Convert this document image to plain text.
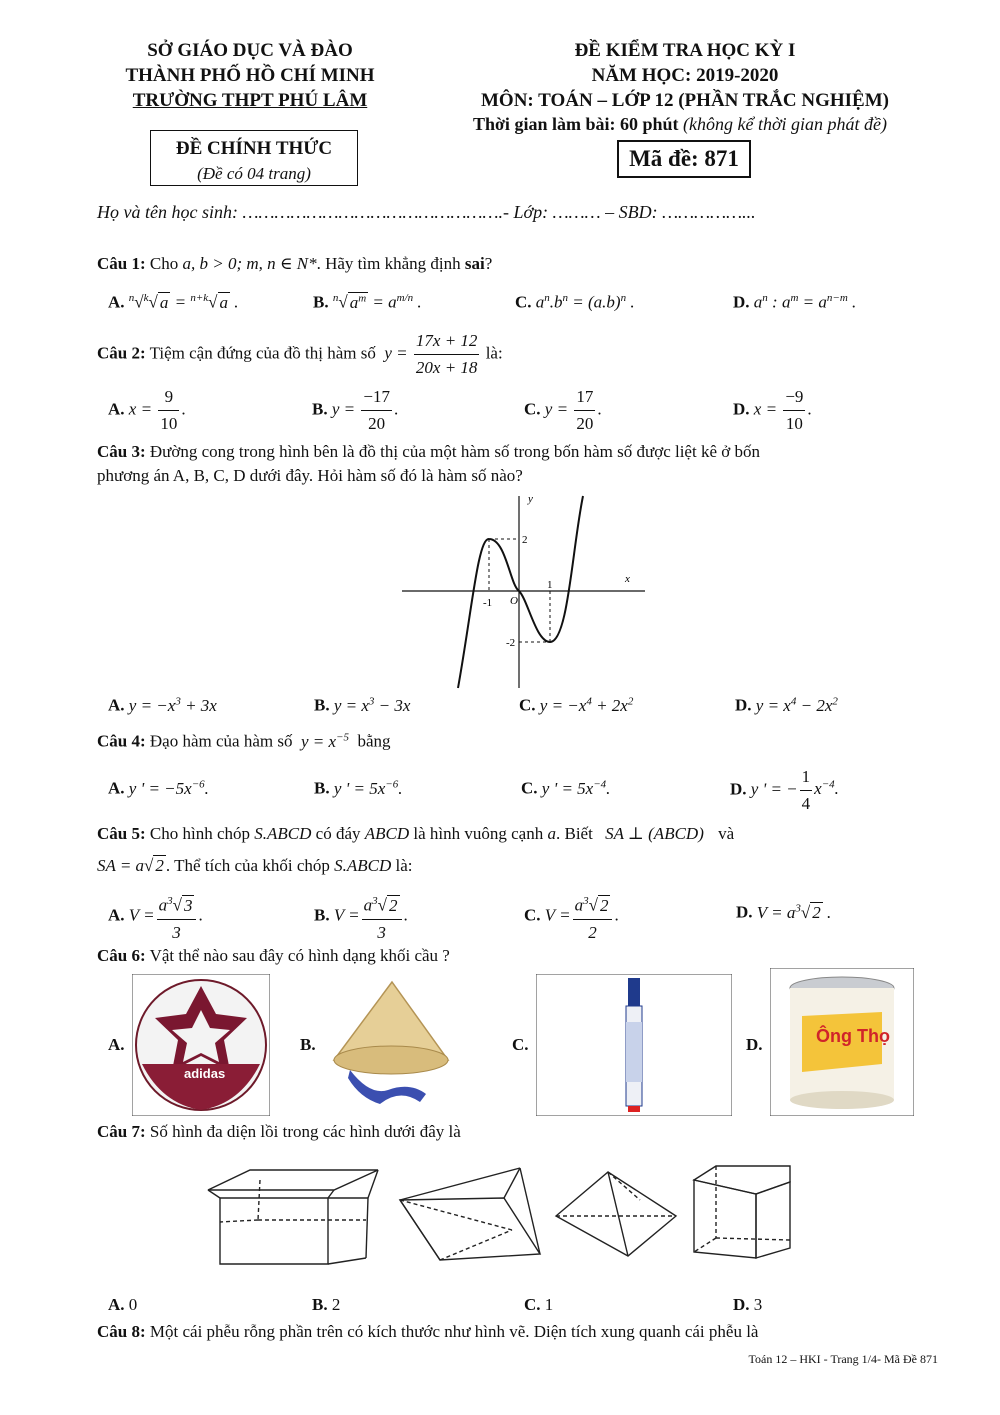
SỞ GIÁO DỤC VÀ ĐÀO
THÀNH PHỐ HỒ CHÍ MINH
TRƯỜNG THPT PHÚ LÂM
ĐỀ KIỂM TRA HỌC KỲ I
NĂM HỌC: 2019-2020
MÔN: TOÁN – LỚP 12 (PHẦN TRẮC NGHIỆM)
Thời gian làm bài: 60 phút (không kể thời gian phát đề)
ĐỀ CHÍNH THỨC
(Đề có 04 trang)
Mã đề: 871
Họ và tên học sinh: ………………………………………….- Lớp: ……… – SBD: ……………...
Câu 1: Cho a, b > 0; m, n ∈ N*. Hãy tìm khẳng định sai?
A. $^n$√$^k$√ a = $^{n+k}$√ a .	B. $^n$√ $a^m = a^{m/n}$ .	C. $a^n.b^n = (a.b)^n$ .	D. $a^n$ : $a^m = a^{n-m}$ .
Câu 2: Tiệm cận đứng của đồ thị hàm số  $y = \frac{17x + 12}{20x + 18}$ là:
A. $x = \frac{9}{10}$ .	B. $y = \frac{-17}{20}$ .	C. $y = \frac{17}{20}$ .	D. $x = \frac{-9}{10}$ .
Câu 3: Đường cong trong hình bên là đồ thị của một hàm số trong bốn hàm số được liệt kê ở bốn
phương án A, B, C, D dưới đây. Hỏi hàm số đó là hàm số nào?
y
x
O
-1
1
2
-2
A. $y = -x^3 + 3x$	B. $y = x^3 - 3x$	C. $y = -x^4 + 2x^2$	D. $y = x^4 - 2x^2$
Câu 4: Đạo hàm của hàm số  $y = x^{-5}$ bằng
A. y ' = $-5x^{-6}$.	B. y ' = $5x^{-6}$.	C. y ' = $5x^{-4}$.	D. y ' = − $\frac{1}{4} x^{-4}$.
Câu 5: Cho hình chóp S.ABCD có đáy ABCD là hình vuông cạnh a. Biết SA ⊥ (ABCD) và
SA = a√ 2 . Thể tích của khối chóp S.ABCD là:
A. $V = \frac{a^3√ 3}{3}$ .	B. $V = \frac{a^3√ 2}{3}$ .	C. $V = \frac{a^3√ 2}{2}$ .	D. $V = a^3√$ 2 .
Câu 6: Vật thể nào sau đây có hình dạng khối cầu ?
A.
adidas
B.	C.	D.	Ông Thọ
Câu 7: Số hình đa diện lồi trong các hình dưới đây là
A. 0	B. 2	C. 1	D. 3
Câu 8: Một cái phễu rỗng phần trên có kích thước như hình vẽ. Diện tích xung quanh cái phễu là
Toán 12 – HKI - Trang 1/4- Mã Đề 871
